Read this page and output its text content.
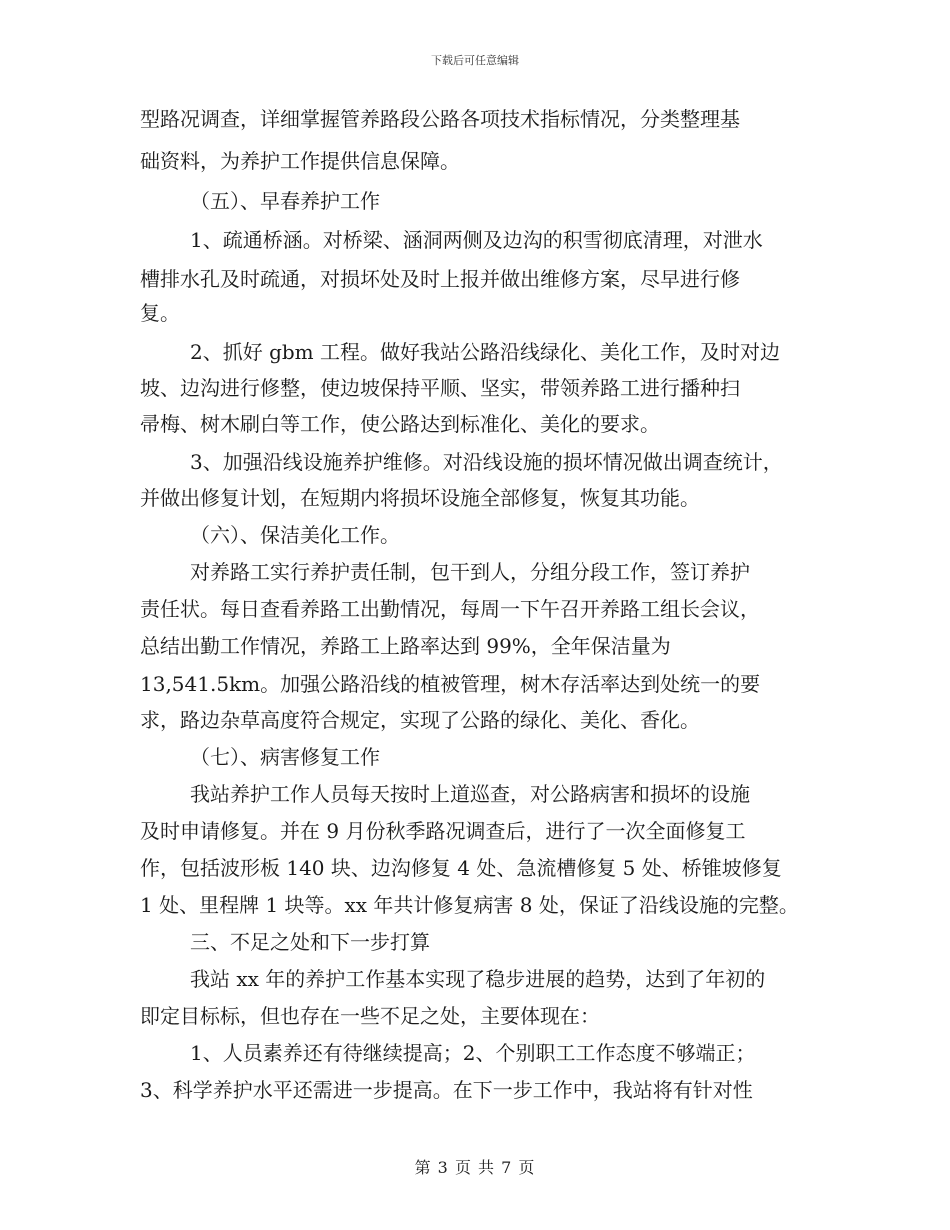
下载后可任意编辑
型路况调查，详细掌握管养路段公路各项技术指标情况，分类整理基
础资料，为养护工作提供信息保障。
（五）、早春养护工作
1、疏通桥涵。对桥梁、涵洞两侧及边沟的积雪彻底清理，对泄水
槽排水孔及时疏通，对损坏处及时上报并做出维修方案，尽早进行修
复。
2、抓好 gbm 工程。做好我站公路沿线绿化、美化工作，及时对边
坡、边沟进行修整，使边坡保持平顺、坚实，带领养路工进行播种扫
帚梅、树木刷白等工作，使公路达到标准化、美化的要求。
3、加强沿线设施养护维修。对沿线设施的损坏情况做出调查统计，
并做出修复计划，在短期内将损坏设施全部修复，恢复其功能。
（六）、保洁美化工作。
对养路工实行养护责任制，包干到人，分组分段工作，签订养护
责任状。每日查看养路工出勤情况，每周一下午召开养路工组长会议，
总结出勤工作情况，养路工上路率达到 99%，全年保洁量为
13,541.5km。加强公路沿线的植被管理，树木存活率达到处统一的要
求，路边杂草高度符合规定，实现了公路的绿化、美化、香化。
（七）、病害修复工作
我站养护工作人员每天按时上道巡查，对公路病害和损坏的设施
及时申请修复。并在 9 月份秋季路况调查后，进行了一次全面修复工
作，包括波形板 140 块、边沟修复 4 处、急流槽修复 5 处、桥锥坡修复
1 处、里程牌 1 块等。xx 年共计修复病害 8 处，保证了沿线设施的完整。
三、不足之处和下一步打算
我站 xx 年的养护工作基本实现了稳步进展的趋势，达到了年初的
即定目标标，但也存在一些不足之处，主要体现在：
1、人员素养还有待继续提高；2、个别职工工作态度不够端正；
3、科学养护水平还需进一步提高。在下一步工作中，我站将有针对性
第 3 页 共 7 页
